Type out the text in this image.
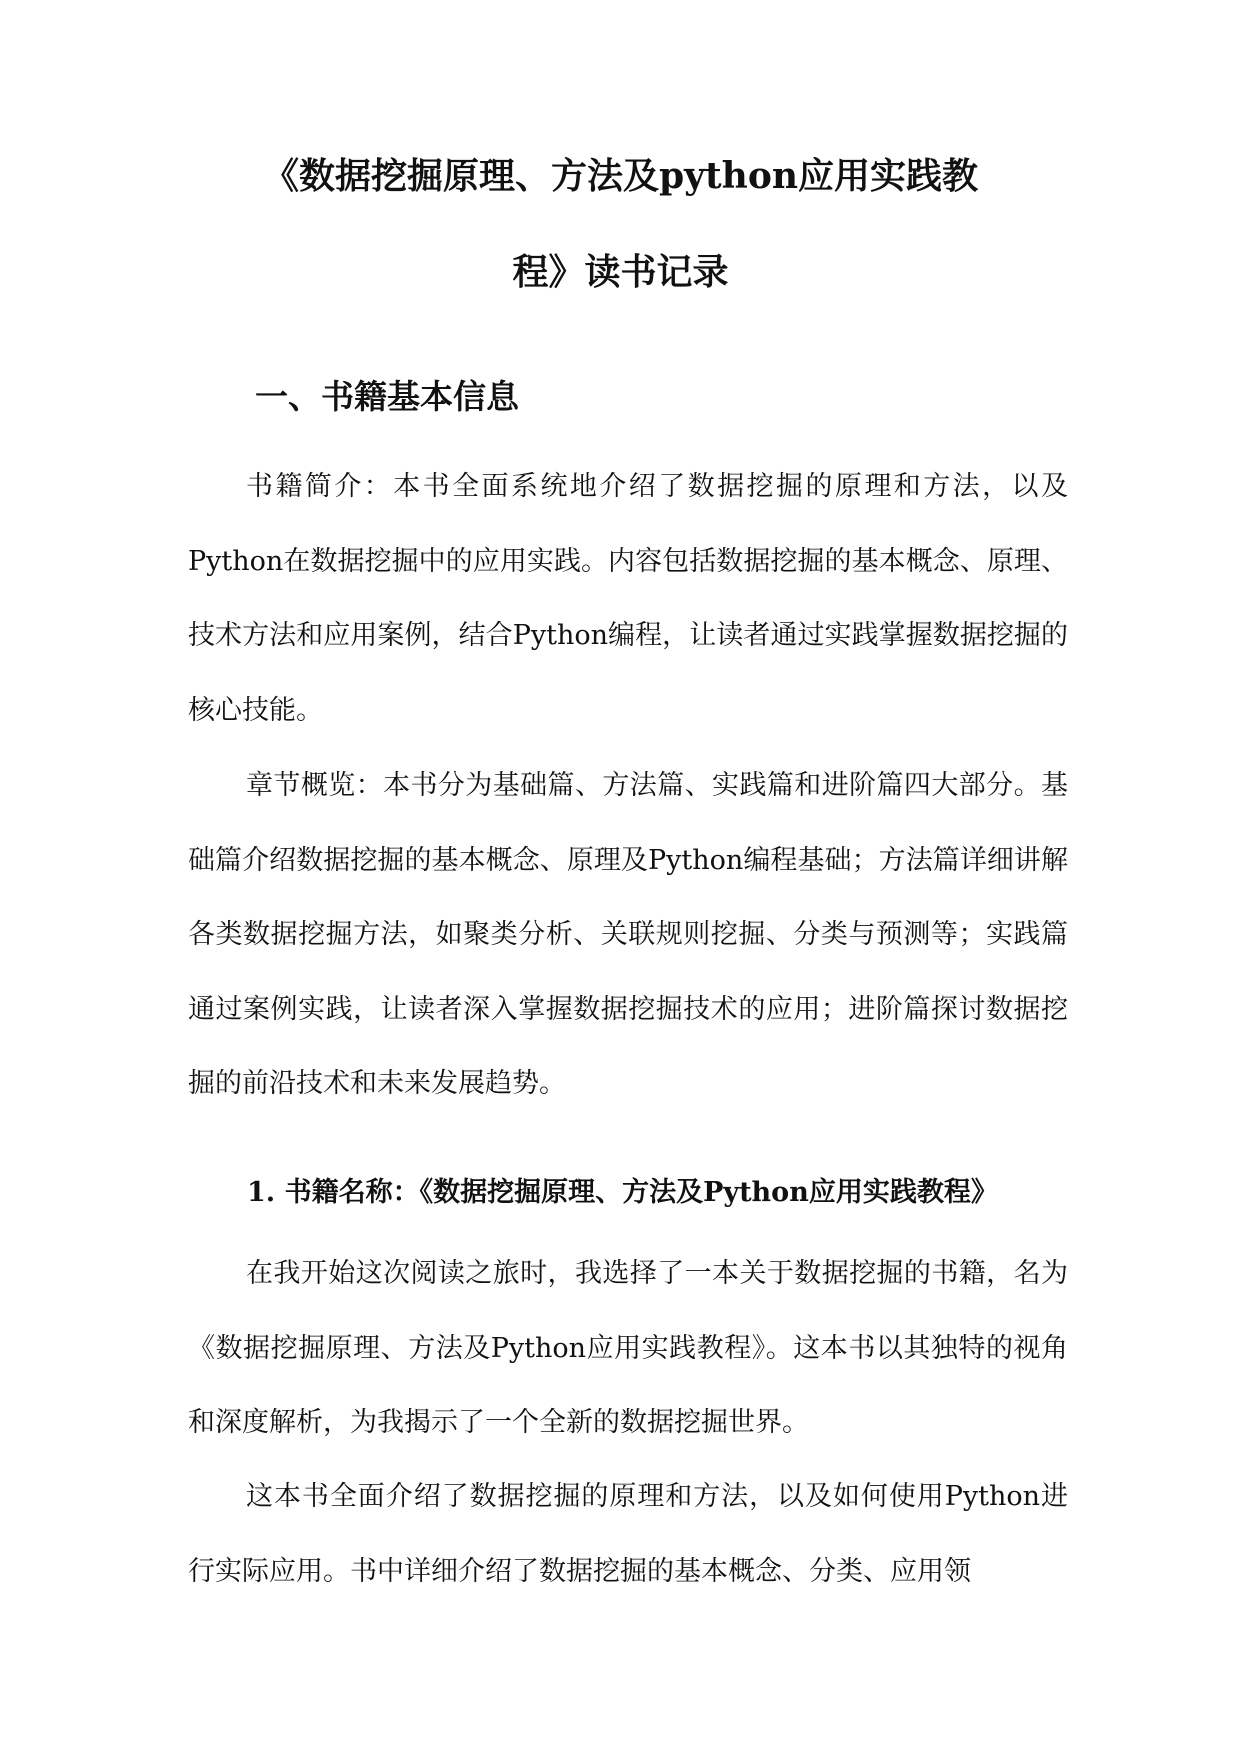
《数据挖掘原理、方法及python应用实践教
程》读书记录
一、书籍基本信息

书籍简介：本书全面系统地介绍了数据挖掘的原理和方法，以及Python在数据挖掘中的应用实践。内容包括数据挖掘的基本概念、原理、技术方法和应用案例，结合Python编程，让读者通过实践掌握数据挖掘的核心技能。

章节概览：本书分为基础篇、方法篇、实践篇和进阶篇四大部分。基础篇介绍数据挖掘的基本概念、原理及Python编程基础；方法篇详细讲解各类数据挖掘方法，如聚类分析、关联规则挖掘、分类与预测等；实践篇通过案例实践，让读者深入掌握数据挖掘技术的应用；进阶篇探讨数据挖掘的前沿技术和未来发展趋势。

1. 书籍名称：《数据挖掘原理、方法及Python应用实践教程》

在我开始这次阅读之旅时，我选择了一本关于数据挖掘的书籍，名为《数据挖掘原理、方法及Python应用实践教程》。这本书以其独特的视角和深度解析，为我揭示了一个全新的数据挖掘世界。

这本书全面介绍了数据挖掘的原理和方法，以及如何使用Python进行实际应用。书中详细介绍了数据挖掘的基本概念、分类、应用领
